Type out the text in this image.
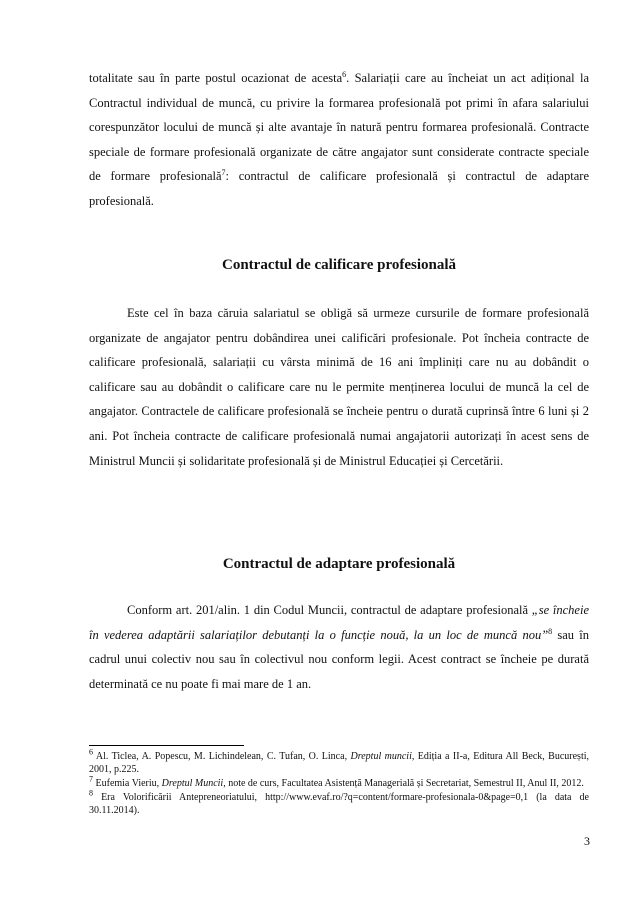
totalitate sau în parte postul ocazionat de acesta$^6$. Salariații care au încheiat un act adițional la Contractul individual de muncă, cu privire la formarea profesională pot primi în afara salariului corespunzător locului de muncă și alte avantaje în natură pentru formarea profesională. Contracte speciale de formare profesională organizate de către angajator sunt considerate contracte speciale de formare profesională$^7$: contractul de calificare profesională și contractul de adaptare profesională.

Contractul de calificare profesională

Este cel în baza căruia salariatul se obligă să urmeze cursurile de formare profesională organizate de angajator pentru dobândirea unei calificări profesionale. Pot încheia contracte de calificare profesională, salariații cu vârsta minimă de 16 ani împliniți care nu au dobândit o calificare sau au dobândit o calificare care nu le permite menținerea locului de muncă la cel de angajator. Contractele de calificare profesională se încheie pentru o durată cuprinsă între 6 luni și 2 ani. Pot încheia contracte de calificare profesională numai angajatorii autorizați în acest sens de Ministrul Muncii și solidaritate profesională și de Ministrul Educației și Cercetării.

Contractul de adaptare profesională

Conform art. 201/alin. 1 din Codul Muncii, contractul de adaptare profesională „se încheie în vederea adaptării salariaților debutanți la o funcție nouă, la un loc de muncă nou”$^8$ sau în cadrul unui colectiv nou sau în colectivul nou conform legii. Acest contract se încheie pe durată determinată ce nu poate fi mai mare de 1 an.

$^6$ Al. Ticlea, A. Popescu, M. Lichindelean, C. Tufan, O. Linca, Dreptul muncii, Ediția a II-a, Editura All Beck, București, 2001, p.225.

$^7$ Eufemia Vieriu, Dreptul Muncii, note de curs, Facultatea Asistență Managerială și Secretariat, Semestrul II, Anul II, 2012.

$^8$ Era Volorificării Antepreneoriatului, http://www.evaf.ro/?q=content/formare-profesionala-0&page=0,1 (la data de 30.11.2014).

3
